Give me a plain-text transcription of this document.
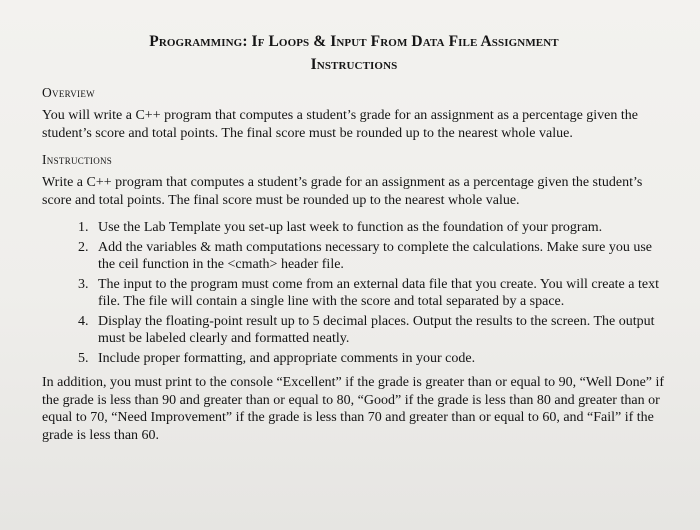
Programming: If Loops & Input From Data File Assignment
Instructions
Overview

You will write a C++ program that computes a student’s grade for an assignment as a percentage given the student’s score and total points. The final score must be rounded up to the nearest whole value.

Instructions

Write a C++ program that computes a student’s grade for an assignment as a percentage given the student’s score and total points. The final score must be rounded up to the nearest whole value.

1. Use the Lab Template you set-up last week to function as the foundation of your program.
2. Add the variables & math computations necessary to complete the calculations. Make sure you use the ceil function in the <cmath> header file.
3. The input to the program must come from an external data file that you create. You will create a text file. The file will contain a single line with the score and total separated by a space.
4. Display the floating-point result up to 5 decimal places. Output the results to the screen. The output must be labeled clearly and formatted neatly.
5. Include proper formatting, and appropriate comments in your code.

In addition, you must print to the console “Excellent” if the grade is greater than or equal to 90, “Well Done” if the grade is less than 90 and greater than or equal to 80, “Good” if the grade is less than 80 and greater than or equal to 70, “Need Improvement” if the grade is less than 70 and greater than or equal to 60, and “Fail” if the grade is less than 60.
